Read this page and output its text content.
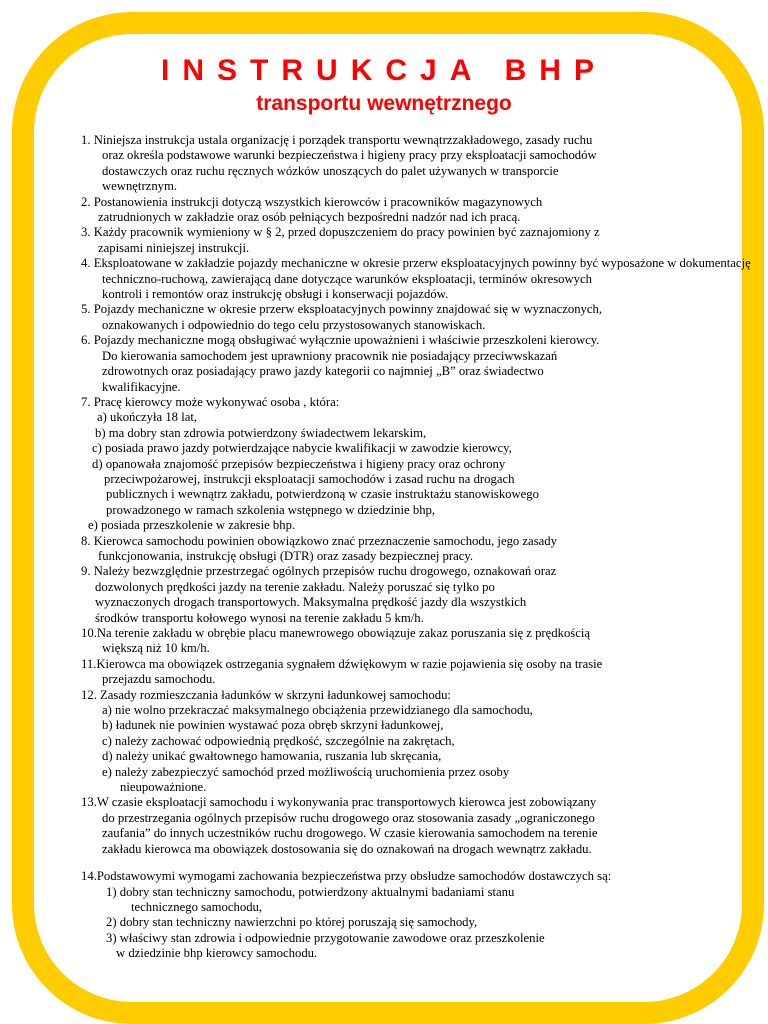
INSTRUKCJA BHP
transportu wewnętrznego
1. Niniejsza instrukcja ustala organizację i porządek transportu wewnątrzzakładowego, zasady ruchu
oraz określa podstawowe warunki bezpieczeństwa i higieny pracy przy eksploatacji samochodów
dostawczych oraz ruchu ręcznych wózków unoszących do palet używanych w transporcie
wewnętrznym.
2. Postanowienia instrukcji dotyczą wszystkich kierowców i pracowników magazynowych
zatrudnionych w zakładzie oraz osób pełniących bezpośredni nadzór nad ich pracą.
3. Każdy pracownik wymieniony w § 2, przed dopuszczeniem do pracy powinien być zaznajomiony z
zapisami niniejszej instrukcji.
4. Eksploatowane w zakładzie pojazdy mechaniczne w okresie przerw eksploatacyjnych powinny być wyposażone w dokumentację
techniczno-ruchową, zawierającą dane dotyczące warunków eksploatacji, terminów okresowych
kontroli i remontów oraz instrukcję obsługi i konserwacji pojazdów.
5. Pojazdy mechaniczne w okresie przerw eksploatacyjnych powinny znajdować się w wyznaczonych,
oznakowanych i odpowiednio do tego celu przystosowanych stanowiskach.
6. Pojazdy mechaniczne mogą obsługiwać wyłącznie upoważnieni i właściwie przeszkoleni kierowcy.
Do kierowania samochodem jest uprawniony pracownik nie posiadający przeciwwskazań
zdrowotnych oraz posiadający prawo jazdy kategorii co najmniej „B” oraz świadectwo
kwalifikacyjne.
7. Pracę kierowcy może wykonywać osoba , która:
a) ukończyła 18 lat,
b) ma dobry stan zdrowia potwierdzony świadectwem lekarskim,
c) posiada prawo jazdy potwierdzające nabycie kwalifikacji w zawodzie kierowcy,
d) opanowała znajomość przepisów bezpieczeństwa i higieny pracy oraz ochrony
przeciwpożarowej, instrukcji eksploatacji samochodów i zasad ruchu na drogach
publicznych i wewnątrz zakładu, potwierdzoną w czasie instruktażu stanowiskowego
prowadzonego w ramach szkolenia wstępnego w dziedzinie bhp,
e) posiada przeszkolenie w zakresie bhp.
8. Kierowca samochodu powinien obowiązkowo znać przeznaczenie samochodu, jego zasady
funkcjonowania, instrukcję obsługi (DTR) oraz zasady bezpiecznej pracy.
9. Należy bezwzględnie przestrzegać ogólnych przepisów ruchu drogowego, oznakowań oraz
dozwolonych prędkości jazdy na terenie zakładu. Należy poruszać się tylko po
wyznaczonych drogach transportowych. Maksymalna prędkość jazdy dla wszystkich
środków transportu kołowego wynosi na terenie zakładu 5 km/h.
10.Na terenie zakładu w obrębie placu manewrowego obowiązuje zakaz poruszania się z prędkością
większą niż 10 km/h.
11.Kierowca ma obowiązek ostrzegania sygnałem dźwiękowym w razie pojawienia się osoby na trasie
przejazdu samochodu.
12. Zasady rozmieszczania ładunków w skrzyni ładunkowej samochodu:
a) nie wolno przekraczać maksymalnego obciążenia przewidzianego dla samochodu,
b) ładunek nie powinien wystawać poza obręb skrzyni ładunkowej,
c) należy zachować odpowiednią prędkość, szczególnie na zakrętach,
d) należy unikać gwałtownego hamowania, ruszania lub skręcania,
e) należy zabezpieczyć samochód przed możliwością uruchomienia przez osoby
nieupoważnione.
13.W czasie eksploatacji samochodu i wykonywania prac transportowych kierowca jest zobowiązany
do przestrzegania ogólnych przepisów ruchu drogowego oraz stosowania zasady „ograniczonego
zaufania” do innych uczestników ruchu drogowego. W czasie kierowania samochodem na terenie
zakładu kierowca ma obowiązek dostosowania się do oznakowań na drogach wewnątrz zakładu.
14.Podstawowymi wymogami zachowania bezpieczeństwa przy obsłudze samochodów dostawczych są:
1) dobry stan techniczny samochodu, potwierdzony aktualnymi badaniami stanu
technicznego samochodu,
2) dobry stan techniczny nawierzchni po której poruszają się samochody,
3) właściwy stan zdrowia i odpowiednie przygotowanie zawodowe oraz przeszkolenie
w dziedzinie bhp kierowcy samochodu.
